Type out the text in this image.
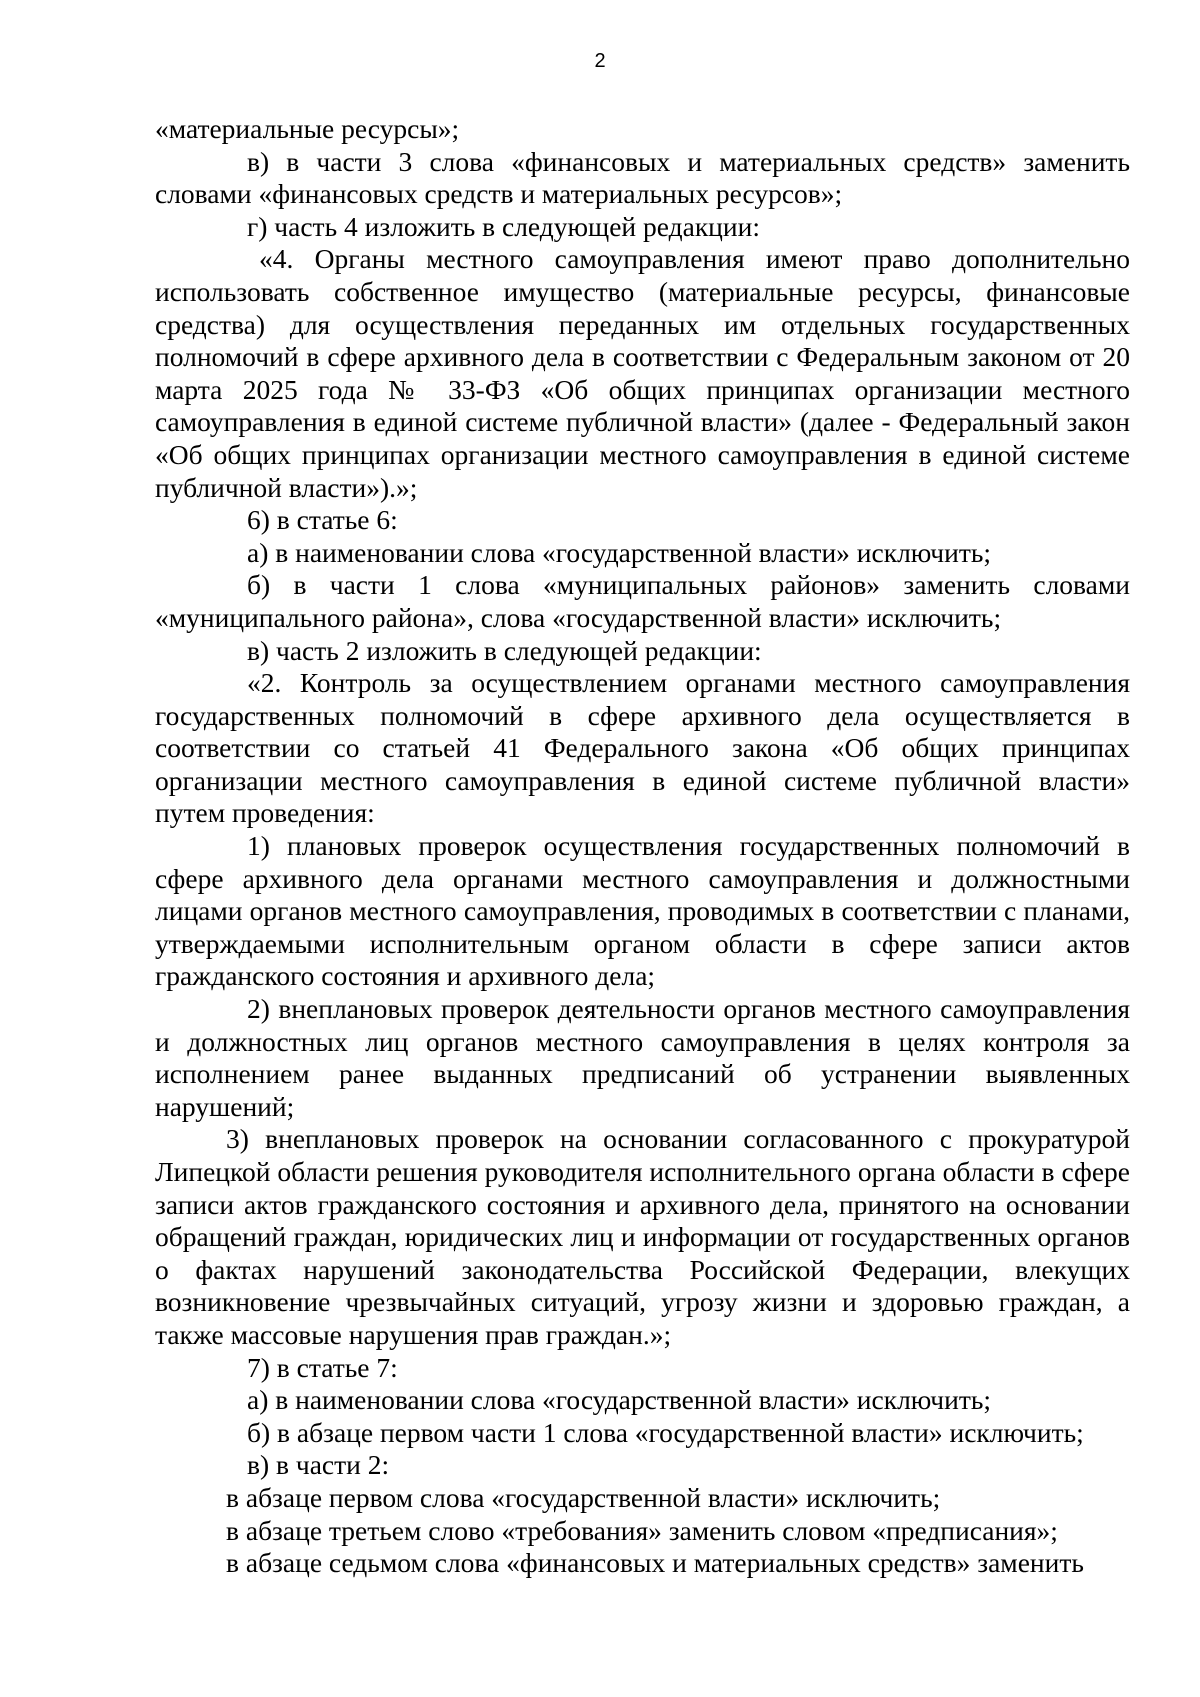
2

«материальные ресурсы»;

в) в части 3 слова «финансовых и материальных средств» заменить словами «финансовых средств и материальных ресурсов»;

г) часть 4 изложить в следующей редакции:

«4. Органы местного самоуправления имеют право дополнительно использовать собственное имущество (материальные ресурсы, финансовые средства) для осуществления переданных им отдельных государственных полномочий в сфере архивного дела в соответствии с Федеральным законом от 20 марта 2025 года № 33-ФЗ «Об общих принципах организации местного самоуправления в единой системе публичной власти» (далее - Федеральный закон «Об общих принципах организации местного самоуправления в единой системе публичной власти»).»;

6) в статье 6:

а) в наименовании слова «государственной власти» исключить;

б) в части 1 слова «муниципальных районов» заменить словами «муниципального района», слова «государственной власти» исключить;

в) часть 2 изложить в следующей редакции:

«2. Контроль за осуществлением органами местного самоуправления государственных полномочий в сфере архивного дела осуществляется в соответствии со статьей 41 Федерального закона «Об общих принципах организации местного самоуправления в единой системе публичной власти» путем проведения:

1) плановых проверок осуществления государственных полномочий в сфере архивного дела органами местного самоуправления и должностными лицами органов местного самоуправления, проводимых в соответствии с планами, утверждаемыми исполнительным органом области в сфере записи актов гражданского состояния и архивного дела;

2) внеплановых проверок деятельности органов местного самоуправления и должностных лиц органов местного самоуправления в целях контроля за исполнением ранее выданных предписаний об устранении выявленных нарушений;

3) внеплановых проверок на основании согласованного с прокуратурой Липецкой области решения руководителя исполнительного органа области в сфере записи актов гражданского состояния и архивного дела, принятого на основании обращений граждан, юридических лиц и информации от государственных органов о фактах нарушений законодательства Российской Федерации, влекущих возникновение чрезвычайных ситуаций, угрозу жизни и здоровью граждан, а также массовые нарушения прав граждан.»;

7) в статье 7:

а) в наименовании слова «государственной власти» исключить;

б) в абзаце первом части 1 слова «государственной власти» исключить;

в) в части 2:

в абзаце первом слова «государственной власти» исключить;

в абзаце третьем слово «требования» заменить словом «предписания»;

в абзаце седьмом слова «финансовых и материальных средств» заменить
